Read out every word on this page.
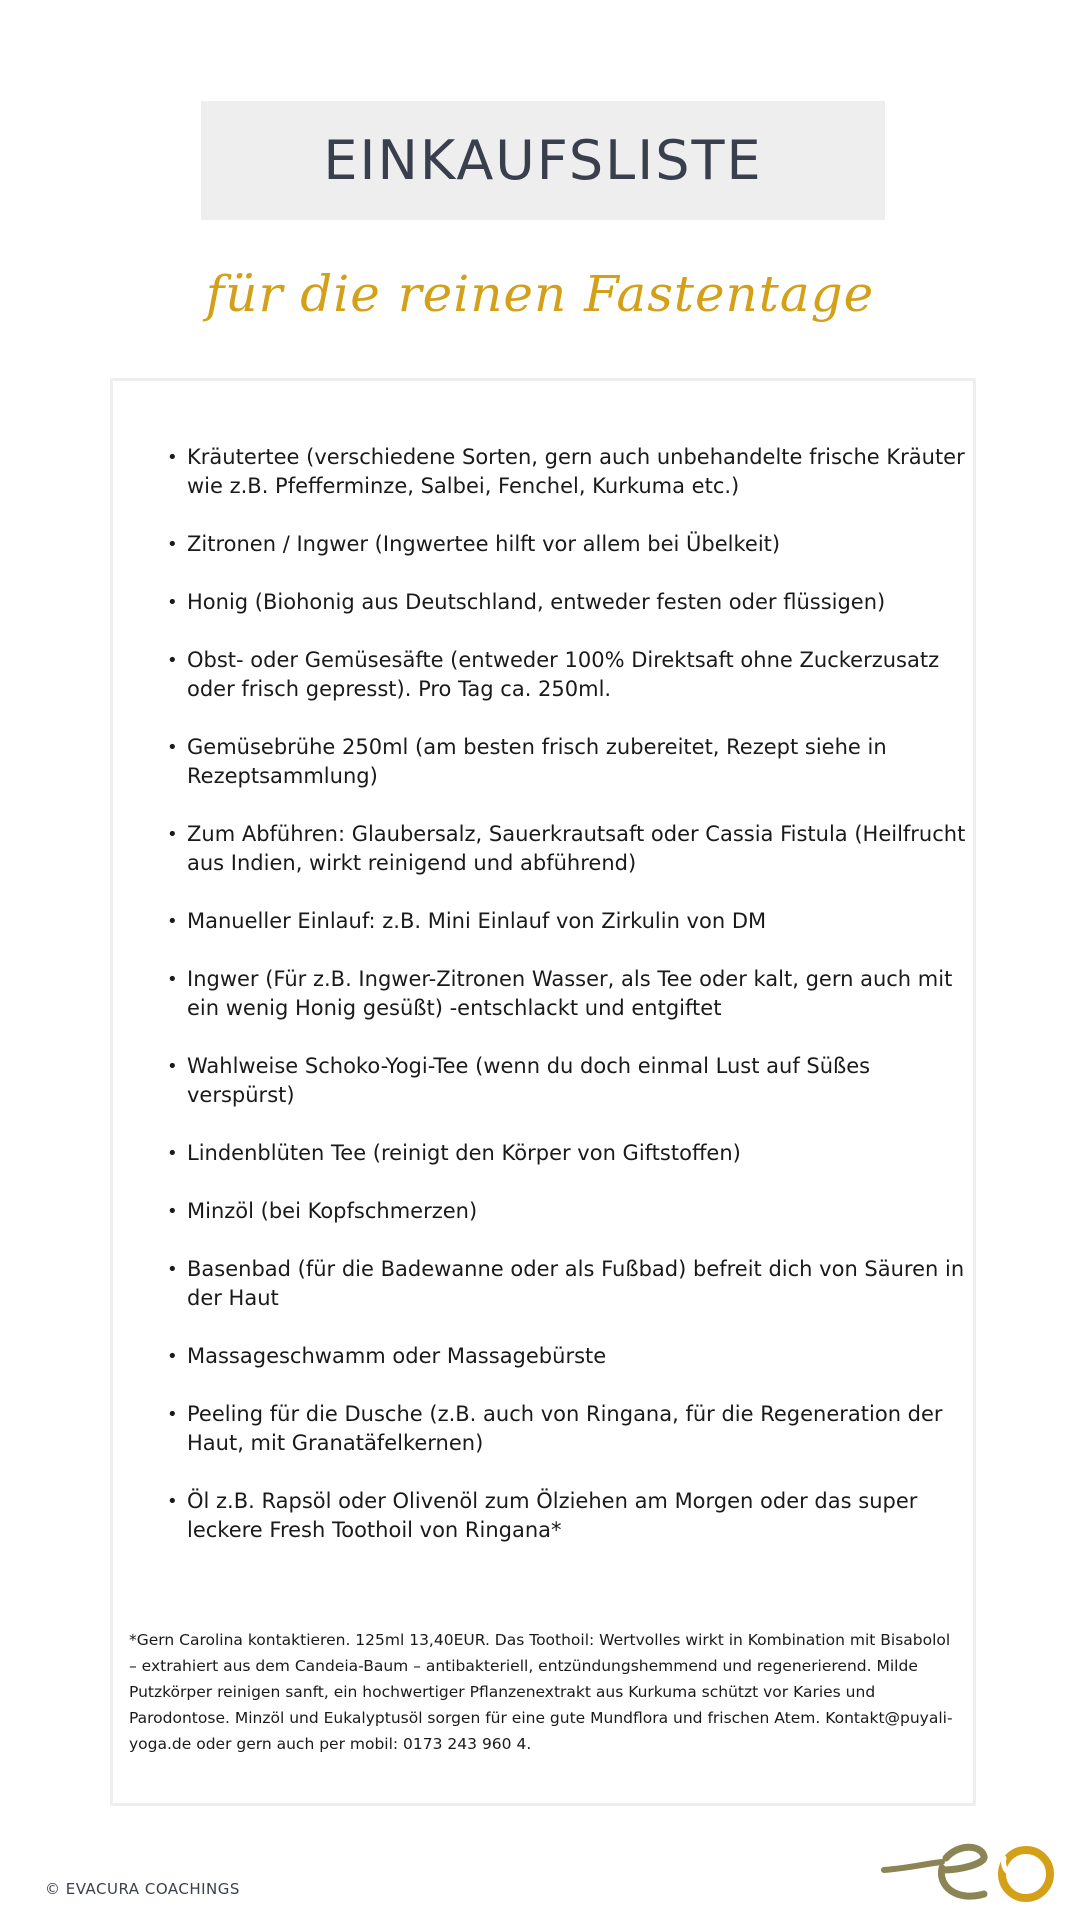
EINKAUFSLISTE
für die reinen Fastentage
• Kräutertee (verschiedene Sorten, gern auch unbehandelte frische Kräuter wie z.B. Pfefferminze, Salbei, Fenchel, Kurkuma etc.)
• Zitronen / Ingwer (Ingwertee hilft vor allem bei Übelkeit)
• Honig (Biohonig aus Deutschland, entweder festen oder flüssigen)
• Obst- oder Gemüsesäfte (entweder 100% Direktsaft ohne Zuckerzusatz oder frisch gepresst). Pro Tag ca. 250ml.
• Gemüsebrühe 250ml (am besten frisch zubereitet, Rezept siehe in Rezeptsammlung)
• Zum Abführen: Glaubersalz, Sauerkrautsaft oder Cassia Fistula (Heilfrucht aus Indien, wirkt reinigend und abführend)
• Manueller Einlauf: z.B. Mini Einlauf von Zirkulin von DM
• Ingwer (Für z.B. Ingwer-Zitronen Wasser, als Tee oder kalt, gern auch mit ein wenig Honig gesüßt) -entschlackt und entgiftet
• Wahlweise Schoko-Yogi-Tee (wenn du doch einmal Lust auf Süßes verspürst)
• Lindenblüten Tee (reinigt den Körper von Giftstoffen)
• Minzöl (bei Kopfschmerzen)
• Basenbad (für die Badewanne oder als Fußbad) befreit dich von Säuren in der Haut
• Massageschwamm oder Massagebürste
• Peeling für die Dusche (z.B. auch von Ringana, für die Regeneration der Haut, mit Granatäfelkernen)
• Öl z.B. Rapsöl oder Olivenöl zum Ölziehen am Morgen oder das super leckere Fresh Toothoil von Ringana*

*Gern Carolina kontaktieren. 125ml 13,40EUR. Das Toothoil: Wertvolles wirkt in Kombination mit Bisabolol – extrahiert aus dem Candeia-Baum – antibakteriell, entzündungshemmend und regenerierend. Milde Putzkörper reinigen sanft, ein hochwertiger Pflanzenextrakt aus Kurkuma schützt vor Karies und Parodontose. Minzöl und Eukalyptusöl sorgen für eine gute Mundflora und frischen Atem. Kontakt@puyali-yoga.de oder gern auch per mobil: 0173 243 960 4.

© EVACURA COACHINGS
